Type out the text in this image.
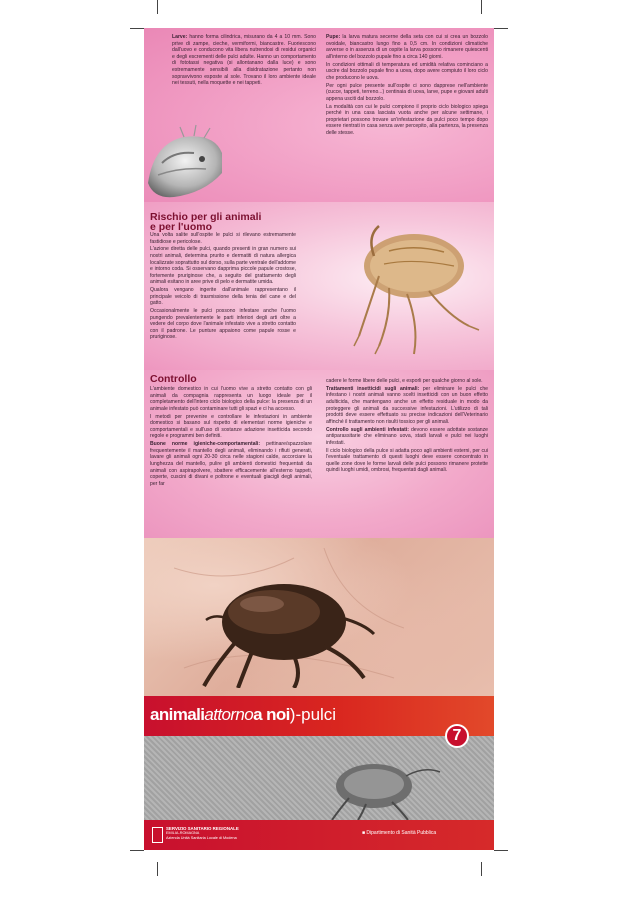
Larve: hanno forma cilindrica, misurano da 4 a 10 mm. Sono prive di zampe, cieche, vermiformi, biancastre. Fuoriescono dall'uovo e conducono vita libera nutrendosi di residui organici e degli escrementi delle pulci adulte. Hanno un comportamento di fototassi negativa (si allontanano dalla luce) e sono estremamente sensibili alla disidratazione pertanto non sopravvivono esposte al sole. Trovano il loro ambiente ideale nei tessuti, nella moquette e nei tappeti.

Pupe: la larva matura secerne della seta con cui si crea un bozzolo ovoidale, biancastro lungo fino a 0,5 cm. In condizioni climatiche avverse o in assenza di un ospite la larva possono rimanere quiescenti all'interno del bozzolo pupale fino a circa 140 giorni.

In condizioni ottimali di temperatura ed umidità relativa cominciano a uscire dal bozzolo pupale fino a uova, dopo avere compiuto il loro ciclo che producono le uova.

Per ogni pulce presente sull'ospite ci sono dapprese nell'ambiente (cucce, tappeti, terreno...) centinaia di uova, larve, pupe e giovani adulti appena usciti dal bozzolo.

La modalità con cui le pulci compiono il proprio ciclo biologico spiega perché in una casa lasciata vuota anche per alcune settimane, i proprietari possono trovare un'infestazione da pulci poco tempo dopo essere rientrati in casa senza aver percepito, alla partenza, la presenza delle stesse.

Rischio per gli animali
e per l'uomo

Una volta salite sull'ospite le pulci si rilevano estremamente fastidiose e pericolose.

L'azione diretta delle pulci, quando presenti in gran numero sui nostri animali, determina prurito e dermatiti di natura allergica localizzate soprattutto sul dorso, sulla parte ventrale dell'addome e intorno coda. Si osservano dapprima piccole papule crostose, fortemente pruriginose che, a seguito del grattamento degli animali esitano in aree prive di pelo e dermatite umida.

Qualora vengano ingerite dall'animale rappresentano il principale veicolo di trasmissione della tenia del cane e del gatto.

Occasionalmente le pulci possono infestare anche l'uomo pungendo prevalentemente le parti inferiori degli arti oltre a vedere del corpo dove l'animale infestato vive a stretto contatto con il padrone. Le punture appaiono come papule rosse e pruriginose.

Controllo

L'ambiente domestico in cui l'uomo vive a stretto contatto con gli animali da compagnia rappresenta un luogo ideale per il completamento dell'intero ciclo biologico della pulce: la presenza di un animale infestato può contaminare tutti gli spazi e ci ha accesso.

I metodi per prevenire e controllare le infestazioni in ambiente domestico si basano sul rispetto di elementari norme igieniche e comportamentali e sull'uso di sostanze adazione insetticida secondo regole e programmi ben definiti.

Buone norme igieniche-comportamentali: pettinare/spazzolare frequentemente il mantello degli animali, eliminando i rifiuti generati, lavare gli animali ogni 20-30 circa nelle stagioni calde, accorciare la lunghezza del mantello, pulire gli ambienti domestici frequentati da animali con aspirapolvere, sbattere efficacemente all'esterno tappeti, coperte, cuscini di divani e poltrone e eventuali giacigli degli animali, per far

cadere le forme libere delle pulci, e esporli per qualche giorno al sole.

Trattamenti insetticidi sugli animali: per eliminare le pulci che infestano i nostri animali vanno scelti insetticidi con un buon effetto adulticida, che mantengano anche un effetto residuale in modo da proteggere gli animali da successive infestazioni. L'utilizzo di tali prodotti deve essere effettuato su precise indicazioni dell'Veterinario affinché il trattamento non risulti tossico per gli animali.

Controllo sugli ambienti infestati: devono essere adottate sostanze antiparassitarie che eliminano uova, stadi larvali e pulci nei luoghi infestati.

Il ciclo biologico della pulce si adatta poco agli ambienti esterni, per cui l'eventuale trattamento di questi luoghi deve essere concentrato in quelle zone dove le forme larvali delle pulci possono rimanere protette quindi luoghi umidi, ombrosi, frequentati dagli animali.

animaliattornoa noi)-pulci
7
SERVIZIO SANITARIO REGIONALE
EMILIA-ROMAGNA
Azienda Unità Sanitaria Locale di Modena
■ Dipartimento di Sanità Pubblica
